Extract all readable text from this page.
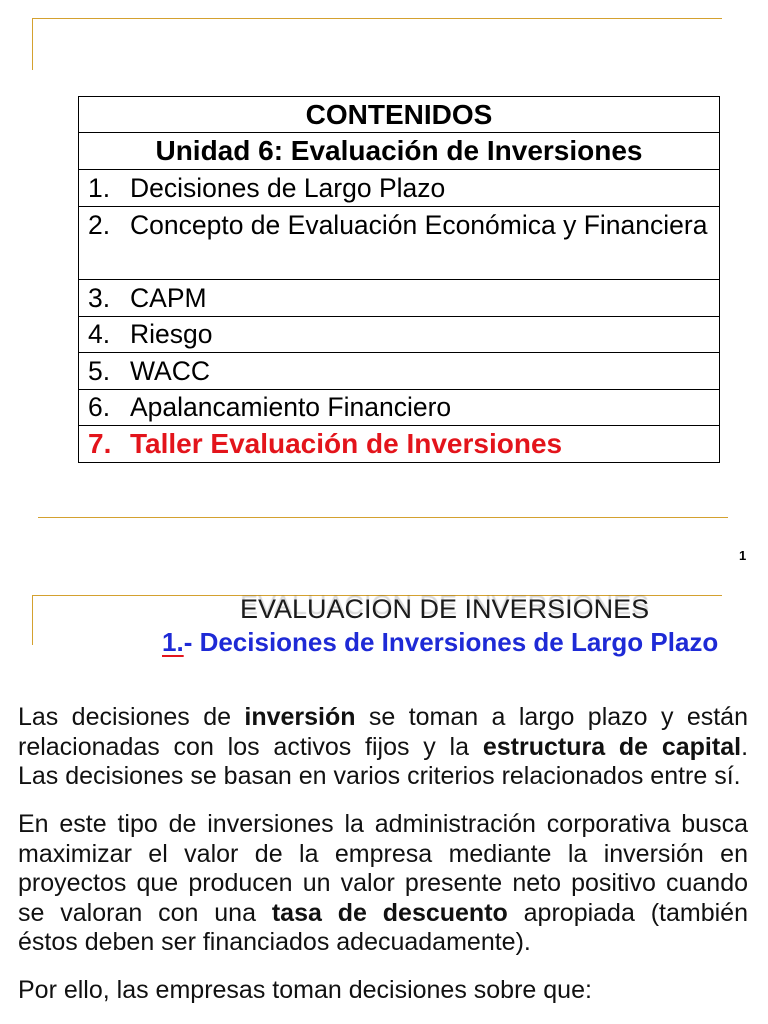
CONTENIDOS
Unidad 6: Evaluación de Inversiones
1. Decisiones de Largo Plazo
2. Concepto de Evaluación Económica y Financiera
3. CAPM
4. Riesgo
5. WACC
6. Apalancamiento Financiero
7. Taller Evaluación de Inversiones
1
EVALUACION DE INVERSIONES
1.- Decisiones de Inversiones de Largo Plazo
Las decisiones de inversión se toman a largo plazo y están
relacionadas con los activos fijos y la estructura de capital.
Las decisiones se basan en varios criterios relacionados entre sí.
En este tipo de inversiones la administración corporativa busca
maximizar el valor de la empresa mediante la inversión en
proyectos que producen un valor presente neto positivo cuando
se valoran con una tasa de descuento apropiada (también
éstos deben ser financiados adecuadamente).
Por ello, las empresas toman decisiones sobre que:
